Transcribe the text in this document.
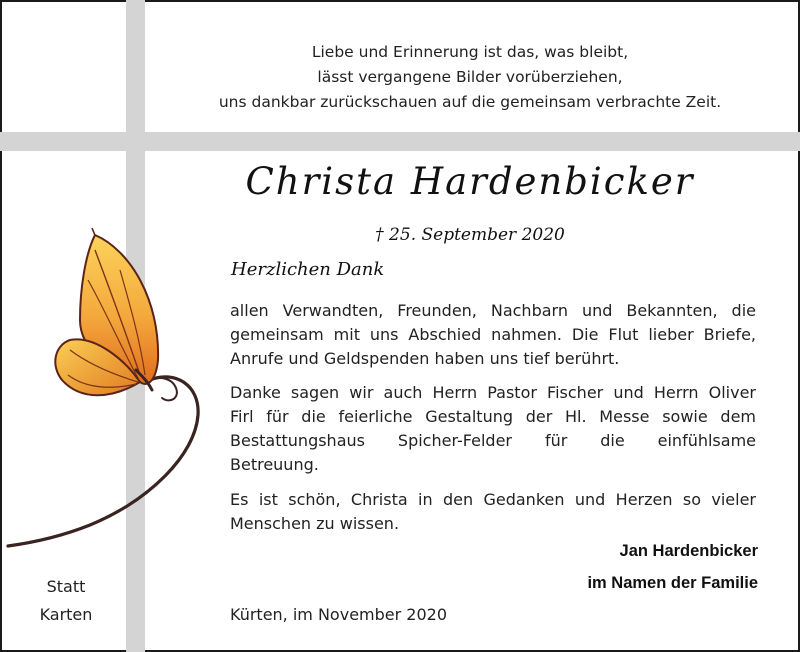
Liebe und Erinnerung ist das, was bleibt,
lässt vergangene Bilder vorüberziehen,
uns dankbar zurückschauen auf die gemeinsam verbrachte Zeit.
Christa Hardenbicker
† 25. September 2020
Herzlichen Dank
allen Verwandten, Freunden, Nachbarn und Bekannten, die
gemeinsam mit uns Abschied nahmen. Die Flut lieber Briefe,
Anrufe und Geldspenden haben uns tief berührt.
Danke sagen wir auch Herrn Pastor Fischer und Herrn Oliver
Firl für die feierliche Gestaltung der Hl. Messe sowie dem
Bestattungshaus Spicher-Felder für die einfühlsame
Betreuung.
Es ist schön, Christa in den Gedanken und Herzen so vieler
Menschen zu wissen.
Jan Hardenbicker
im Namen der Familie
Kürten, im November 2020
Statt
Karten
